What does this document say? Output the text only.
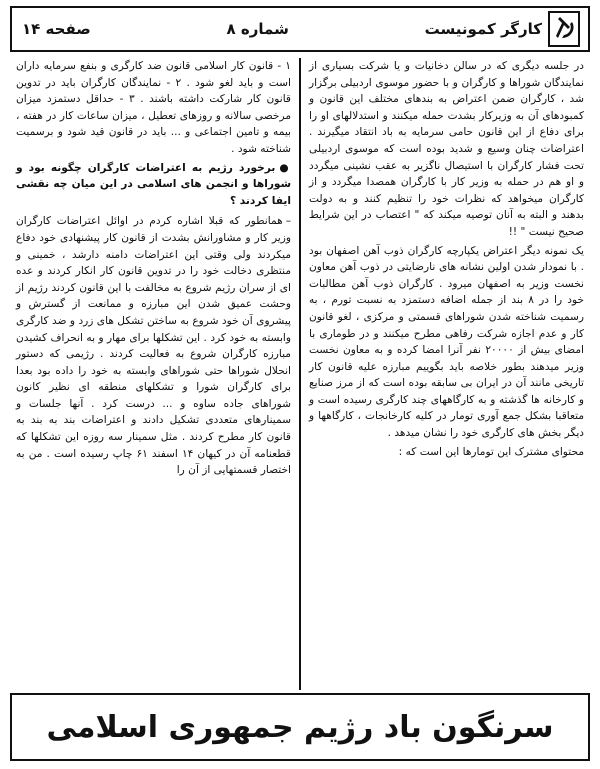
کارگر کمونیست
شماره ۸
صفحه ۱۴

در جلسه دیگری که در سالن دخانیات و یا شرکت بسیاری از نمایندگان شوراها و کارگران و با حضور موسوی اردبیلی برگزار شد ، کارگران ضمن اعتراض به بندهای مختلف این قانون و کمبودهای آن به وزیرکار بشدت حمله میکنند و استدلالهای او را برای دفاع از این قانون حامی سرمایه به باد انتقاد میگیرند . اعتراضات چنان وسیع و شدید بوده است که موسوی اردبیلی تحت فشار کارگران با استیصال ناگزیر به عقب نشینی میگردد و او هم در حمله به وزیر کار با کارگران همصدا میگردد و از کارگران میخواهد که نظرات خود را تنظیم کنند و به دولت بدهند و البته به آنان توصیه میکند که " اعتصاب در این شرایط صحیح نیست " !!

یک نمونه دیگر اعتراض یکپارچه کارگران ذوب آهن اصفهان بود . با نمودار شدن اولین نشانه های نارضایتی در ذوب آهن معاون نخست وزیر به اصفهان میرود . کارگران ذوب آهن مطالبات خود را در ۸ بند از جمله اضافه دستمزد به نسبت تورم ، به رسمیت شناخته شدن شوراهای قسمتی و مرکزی ، لغو قانون کار و عدم اجازه شرکت رفاهی مطرح میکنند و در طوماری با امضای بیش از ۲۰۰۰۰ نفر آنرا امضا کرده و به معاون نخست وزیر میدهند بطور خلاصه باید بگوییم مبارزه علیه قانون کار تاریخی مانند آن در ایران بی سابقه بوده است که از مرز صنایع و کارخانه ها گذشته و به کارگاههای چند کارگری رسیده است و متعاقبا بشکل جمع آوری تومار در کلیه کارخانجات ، کارگاهها و دیگر بخش های کارگری خود را نشان میدهد .

محتوای مشترک این تومارها این است که :

۱ - قانون کار اسلامی قانون ضد کارگری و بنفع سرمایه داران است و باید لغو شود . ۲ - نمایندگان کارگران باید در تدوین قانون کار شارکت داشته باشند . ۳ - حداقل دستمزد میزان مرخصی سالانه و روزهای تعطیل ، میزان ساعات کار در هفته ، بیمه و تامین اجتماعی و ... باید در قانون قید شود و برسمیت شناخته شود .

●برخورد رژیم به اعتراضات کارگران چگونه بود و شوراها و انجمن های اسلامی در این میان چه نقشی ایفا کردند ؟

– همانطور که قبلا اشاره کردم در اوائل اعتراضات کارگران وزیر کار و مشاورانش بشدت از قانون کار پیشنهادی خود دفاع میکردند ولی وقتی این اعتراضات دامنه دارشد ، خمینی و منتظری دخالت خود را در تدوین قانون کار انکار کردند و عده ای از سران رژیم شروع به مخالفت با این قانون کردند رژیم از وحشت عمیق شدن این مبارزه و ممانعت از گسترش و پیشروی آن خود شروع به ساختن تشکل های زرد و ضد کارگری وابسته به خود کرد . این تشکلها برای مهار و به انحراف کشیدن مبارزه کارگران شروع به فعالیت کردند . رژیمی که دستور انحلال شوراها حتی شوراهای وابسته به خود را داده بود بعدا برای کارگران شورا و تشکلهای منطقه ای نظیر کانون شوراهای جاده ساوه و ... درست کرد . آنها جلسات و سمینارهای متعددی تشکیل دادند و اعتراضات بند به بند به قانون کار مطرح کردند . مثل سمینار سه روزه این تشکلها که قطعنامه آن در کیهان ۱۴ اسفند ۶۱ چاپ رسیده است . من به اختصار قسمتهایی از آن را

سرنگون باد رژیم جمهوری اسلامی
